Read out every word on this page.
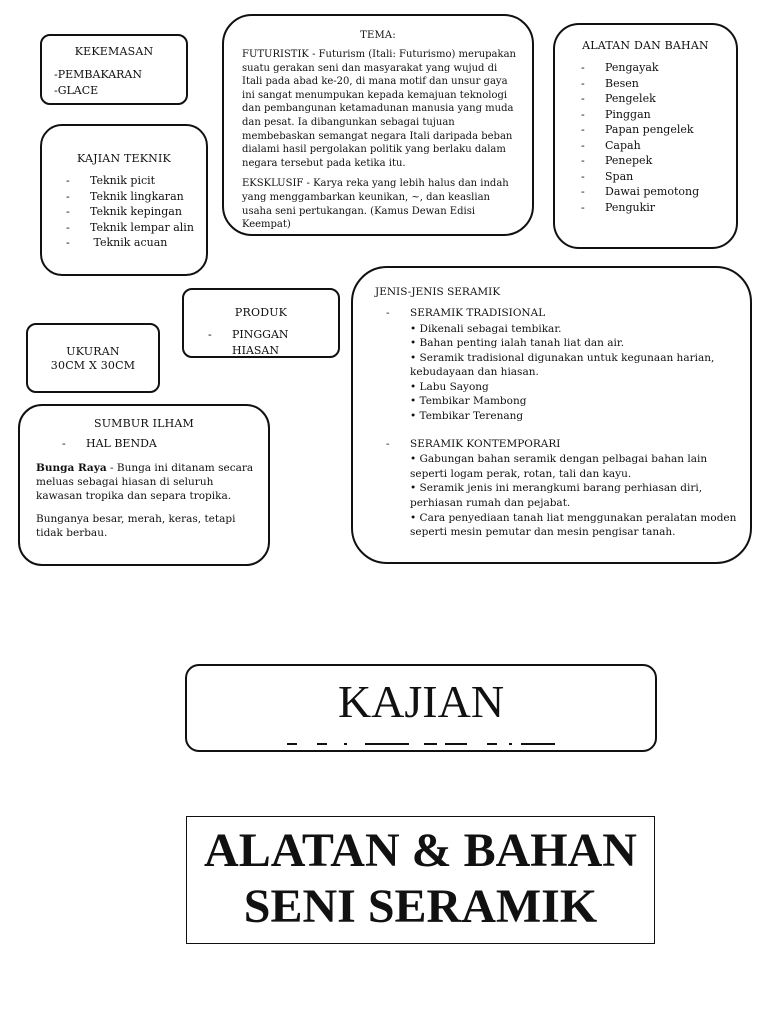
KEKEMASAN
-PEMBAKARAN
-GLACE
TEMA:

FUTURISTIK - Futurism (Itali: Futurismo) merupakan suatu gerakan seni dan masyarakat yang wujud di Itali pada abad ke-20, di mana motif dan unsur gaya ini sangat menumpukan kepada kemajuan teknologi dan pembangunan ketamadunan manusia yang muda dan pesat. Ia dibangunkan sebagai tujuan membebaskan semangat negara Itali daripada beban dialami hasil pergolakan politik yang berlaku dalam negara tersebut pada ketika itu.

EKSKLUSIF - Karya reka yang lebih halus dan indah yang menggambarkan keunikan, ~, dan keaslian usaha seni pertukangan. (Kamus Dewan Edisi Keempat)

ALATAN DAN BAHAN
- Pengayak
- Besen
- Pengelek
- Pinggan
- Papan pengelek
- Capah
- Penepek
- Span
- Dawai pemotong
- Pengukir
KAJIAN TEKNIK
- Teknik picit
- Teknik lingkaran
- Teknik kepingan
- Teknik lempar alin
-  Teknik acuan
PRODUK
- PINGGAN HIASAN
UKURAN
30CM X 30CM
SUMBUR ILHAM
- HAL BENDA

Bunga Raya - Bunga ini ditanam secara meluas sebagai hiasan di seluruh kawasan tropika dan separa tropika.

Bunganya besar, merah, keras, tetapi tidak berbau.

JENIS-JENIS SERAMIK
- SERAMIK TRADISIONAL
• Dikenali sebagai tembikar.
• Bahan penting ialah tanah liat dan air.
• Seramik tradisional digunakan untuk kegunaan harian, kebudayaan dan hiasan.
• Labu Sayong
• Tembikar Mambong
• Tembikar Terenang
- SERAMIK KONTEMPORARI
• Gabungan bahan seramik dengan pelbagai bahan lain seperti logam perak, rotan, tali dan kayu.
• Seramik jenis ini merangkumi barang perhiasan diri, perhiasan rumah dan pejabat.
• Cara penyediaan tanah liat menggunakan peralatan moden seperti mesin pemutar dan mesin pengisar tanah.
KAJIAN
ALATAN & BAHAN
SENI SERAMIK
